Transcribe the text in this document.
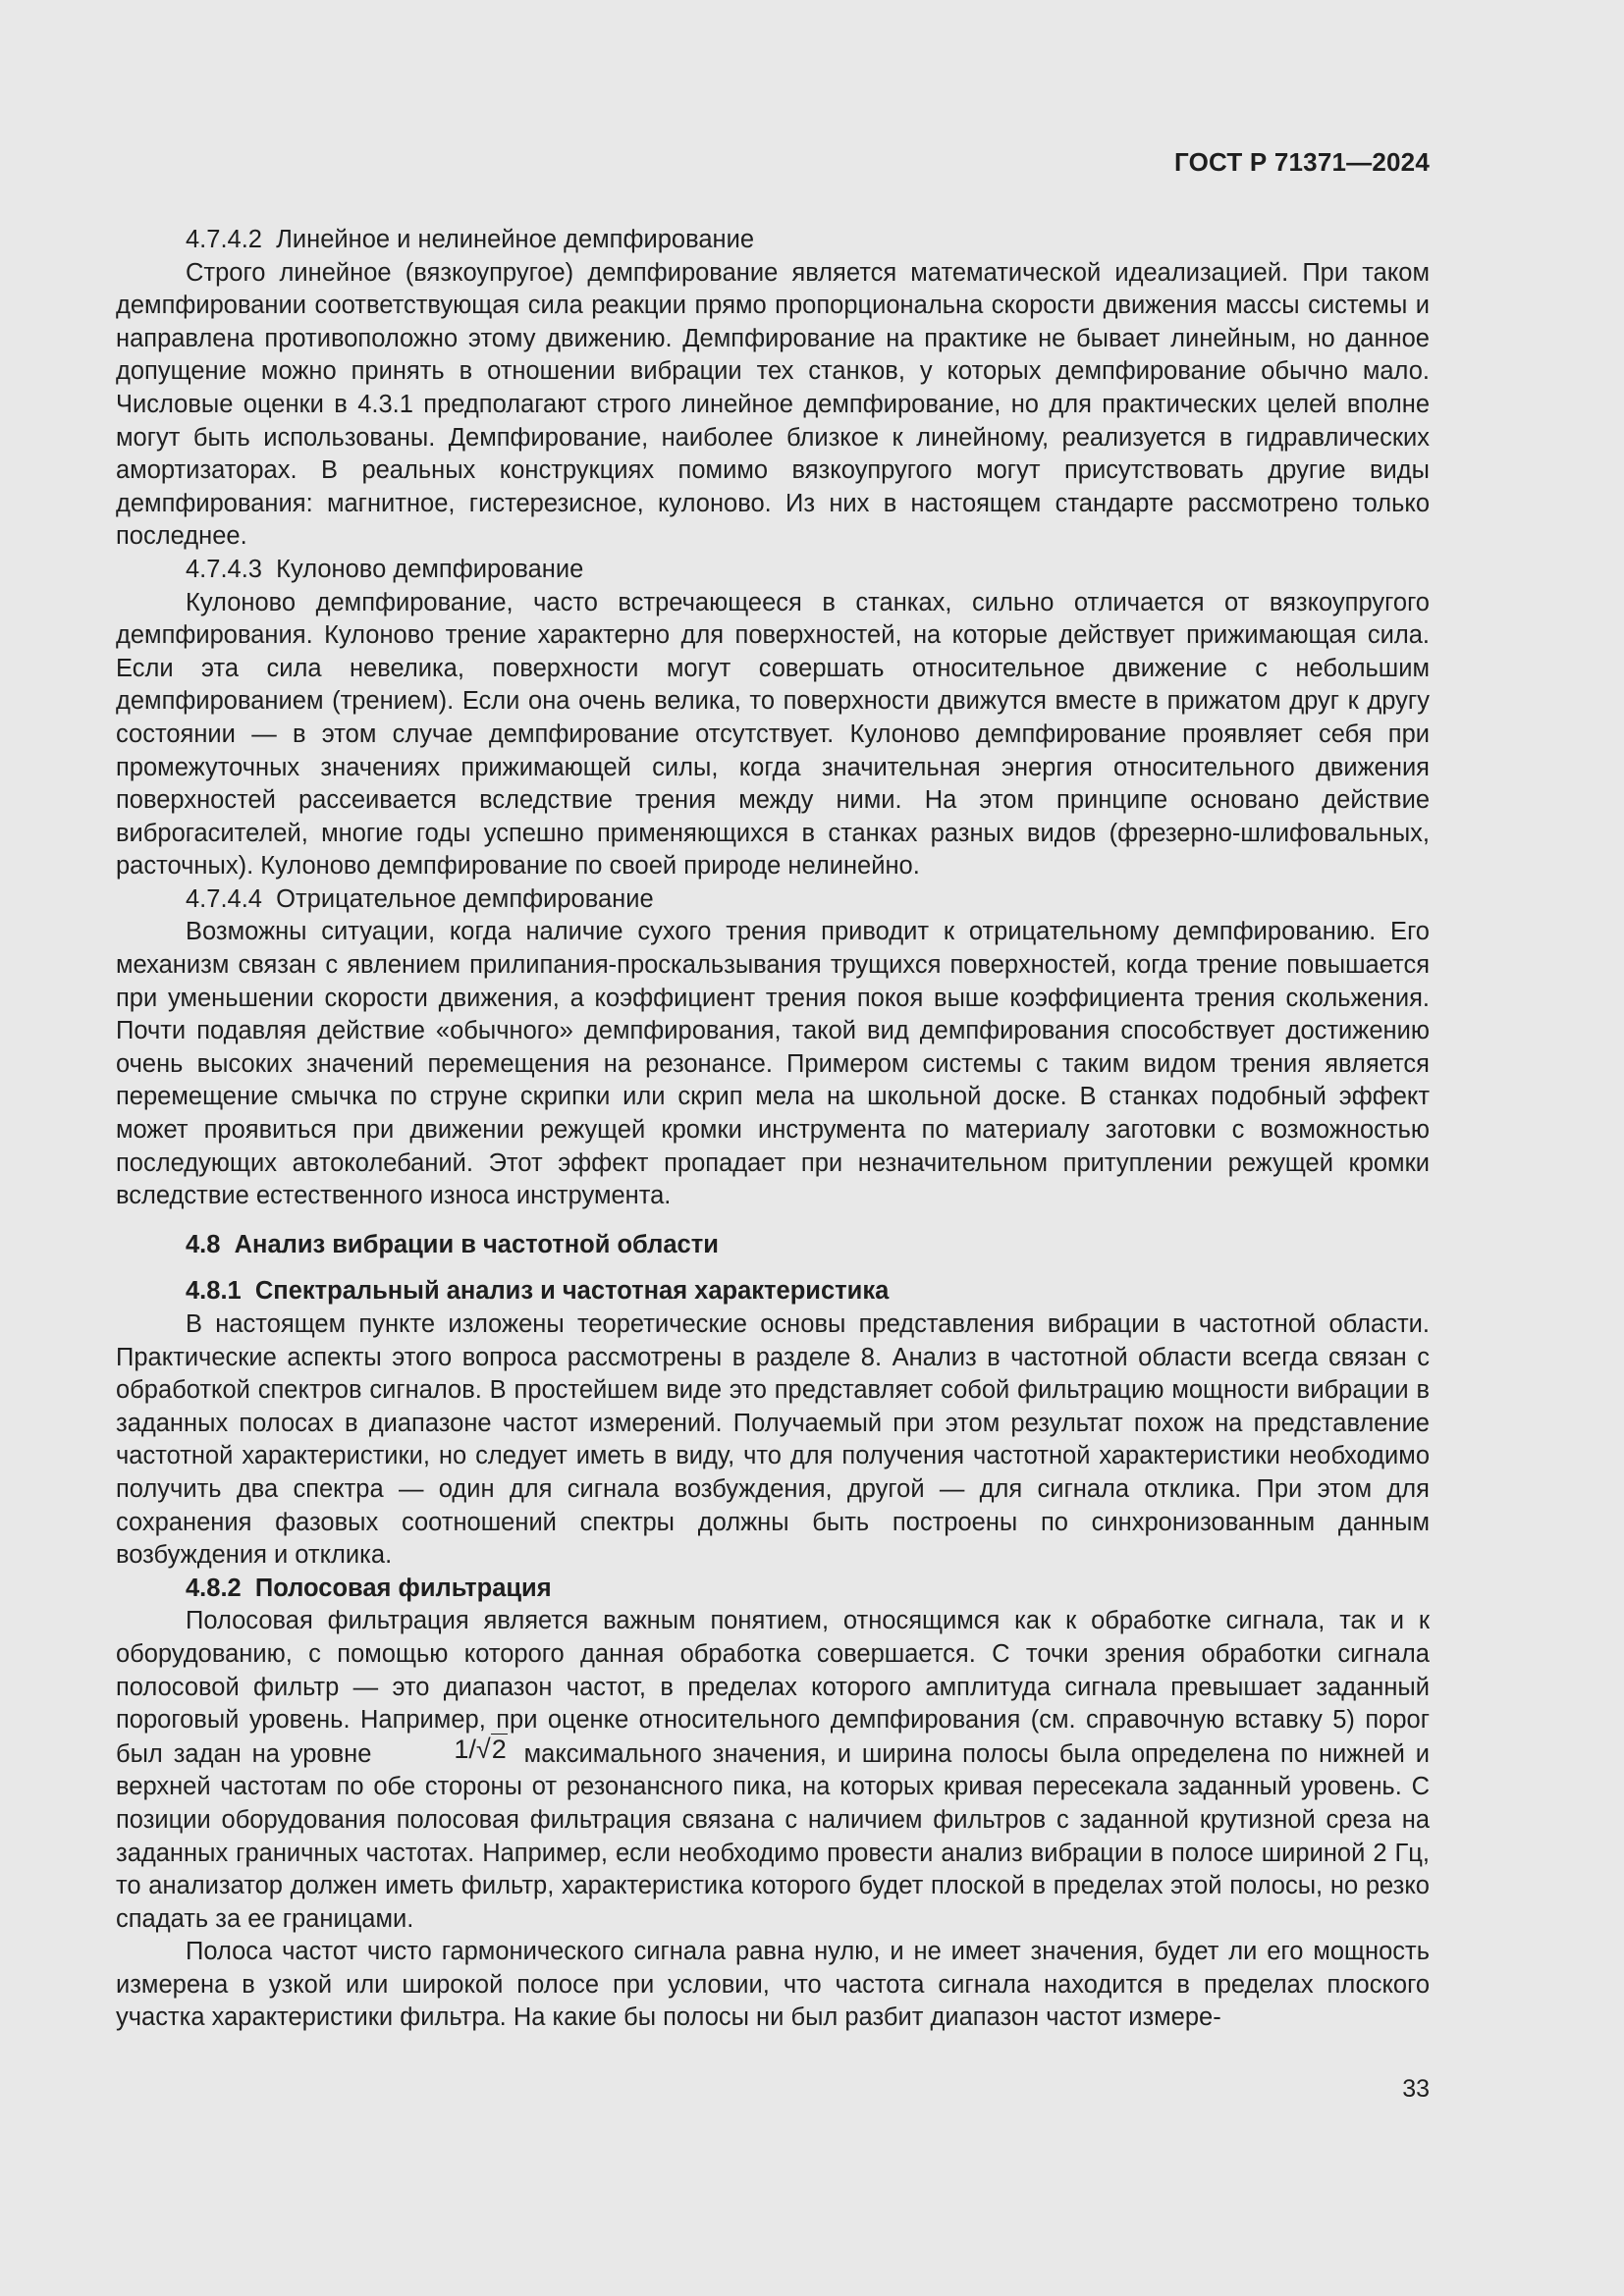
ГОСТ Р 71371—2024

4.7.4.2 Линейное и нелинейное демпфирование

Строго линейное (вязкоупругое) демпфирование является математической идеализацией. При таком демпфировании соответствующая сила реакции прямо пропорциональна скорости движения массы системы и направлена противоположно этому движению. Демпфирование на практике не бывает линейным, но данное допущение можно принять в отношении вибрации тех станков, у которых демпфирование обычно мало. Числовые оценки в 4.3.1 предполагают строго линейное демпфирование, но для практических целей вполне могут быть использованы. Демпфирование, наиболее близкое к линейному, реализуется в гидравлических амортизаторах. В реальных конструкциях помимо вязкоупругого могут присутствовать другие виды демпфирования: магнитное, гистерезисное, кулоново. Из них в настоящем стандарте рассмотрено только последнее.

4.7.4.3 Кулоново демпфирование

Кулоново демпфирование, часто встречающееся в станках, сильно отличается от вязкоупругого демпфирования. Кулоново трение характерно для поверхностей, на которые действует прижимающая сила. Если эта сила невелика, поверхности могут совершать относительное движение с небольшим демпфированием (трением). Если она очень велика, то поверхности движутся вместе в прижатом друг к другу состоянии — в этом случае демпфирование отсутствует. Кулоново демпфирование проявляет себя при промежуточных значениях прижимающей силы, когда значительная энергия относительного движения поверхностей рассеивается вследствие трения между ними. На этом принципе основано действие виброгасителей, многие годы успешно применяющихся в станках разных видов (фрезерно-шлифовальных, расточных). Кулоново демпфирование по своей природе нелинейно.

4.7.4.4 Отрицательное демпфирование

Возможны ситуации, когда наличие сухого трения приводит к отрицательному демпфированию. Его механизм связан с явлением прилипания-проскальзывания трущихся поверхностей, когда трение повышается при уменьшении скорости движения, а коэффициент трения покоя выше коэффициента трения скольжения. Почти подавляя действие «обычного» демпфирования, такой вид демпфирования способствует достижению очень высоких значений перемещения на резонансе. Примером системы с таким видом трения является перемещение смычка по струне скрипки или скрип мела на школьной доске. В станках подобный эффект может проявиться при движении режущей кромки инструмента по материалу заготовки с возможностью последующих автоколебаний. Этот эффект пропадает при незначительном притуплении режущей кромки вследствие естественного износа инструмента.

4.8 Анализ вибрации в частотной области

4.8.1 Спектральный анализ и частотная характеристика

В настоящем пункте изложены теоретические основы представления вибрации в частотной области. Практические аспекты этого вопроса рассмотрены в разделе 8. Анализ в частотной области всегда связан с обработкой спектров сигналов. В простейшем виде это представляет собой фильтрацию мощности вибрации в заданных полосах в диапазоне частот измерений. Получаемый при этом результат похож на представление частотной характеристики, но следует иметь в виду, что для получения частотной характеристики необходимо получить два спектра — один для сигнала возбуждения, другой — для сигнала отклика. При этом для сохранения фазовых соотношений спектры должны быть построены по синхронизованным данным возбуждения и отклика.

4.8.2 Полосовая фильтрация

Полосовая фильтрация является важным понятием, относящимся как к обработке сигнала, так и к оборудованию, с помощью которого данная обработка совершается. С точки зрения обработки сигнала полосовой фильтр — это диапазон частот, в пределах которого амплитуда сигнала превышает заданный пороговый уровень. Например, при оценке относительного демпфирования (см. справочную вставку 5) порог был задан на уровне	1/√2 максимального значения, и ширина полосы была определена по нижней и верхней частотам по обе стороны от резонансного пика, на которых кривая пересекала заданный уровень. С позиции оборудования полосовая фильтрация связана с наличием фильтров с заданной крутизной среза на заданных граничных частотах. Например, если необходимо провести анализ вибрации в полосе шириной 2 Гц, то анализатор должен иметь фильтр, характеристика которого будет плоской в пределах этой полосы, но резко спадать за ее границами.

Полоса частот чисто гармонического сигнала равна нулю, и не имеет значения, будет ли его мощность измерена в узкой или широкой полосе при условии, что частота сигнала находится в пределах плоского участка характеристики фильтра. На какие бы полосы ни был разбит диапазон частот измере-

33
